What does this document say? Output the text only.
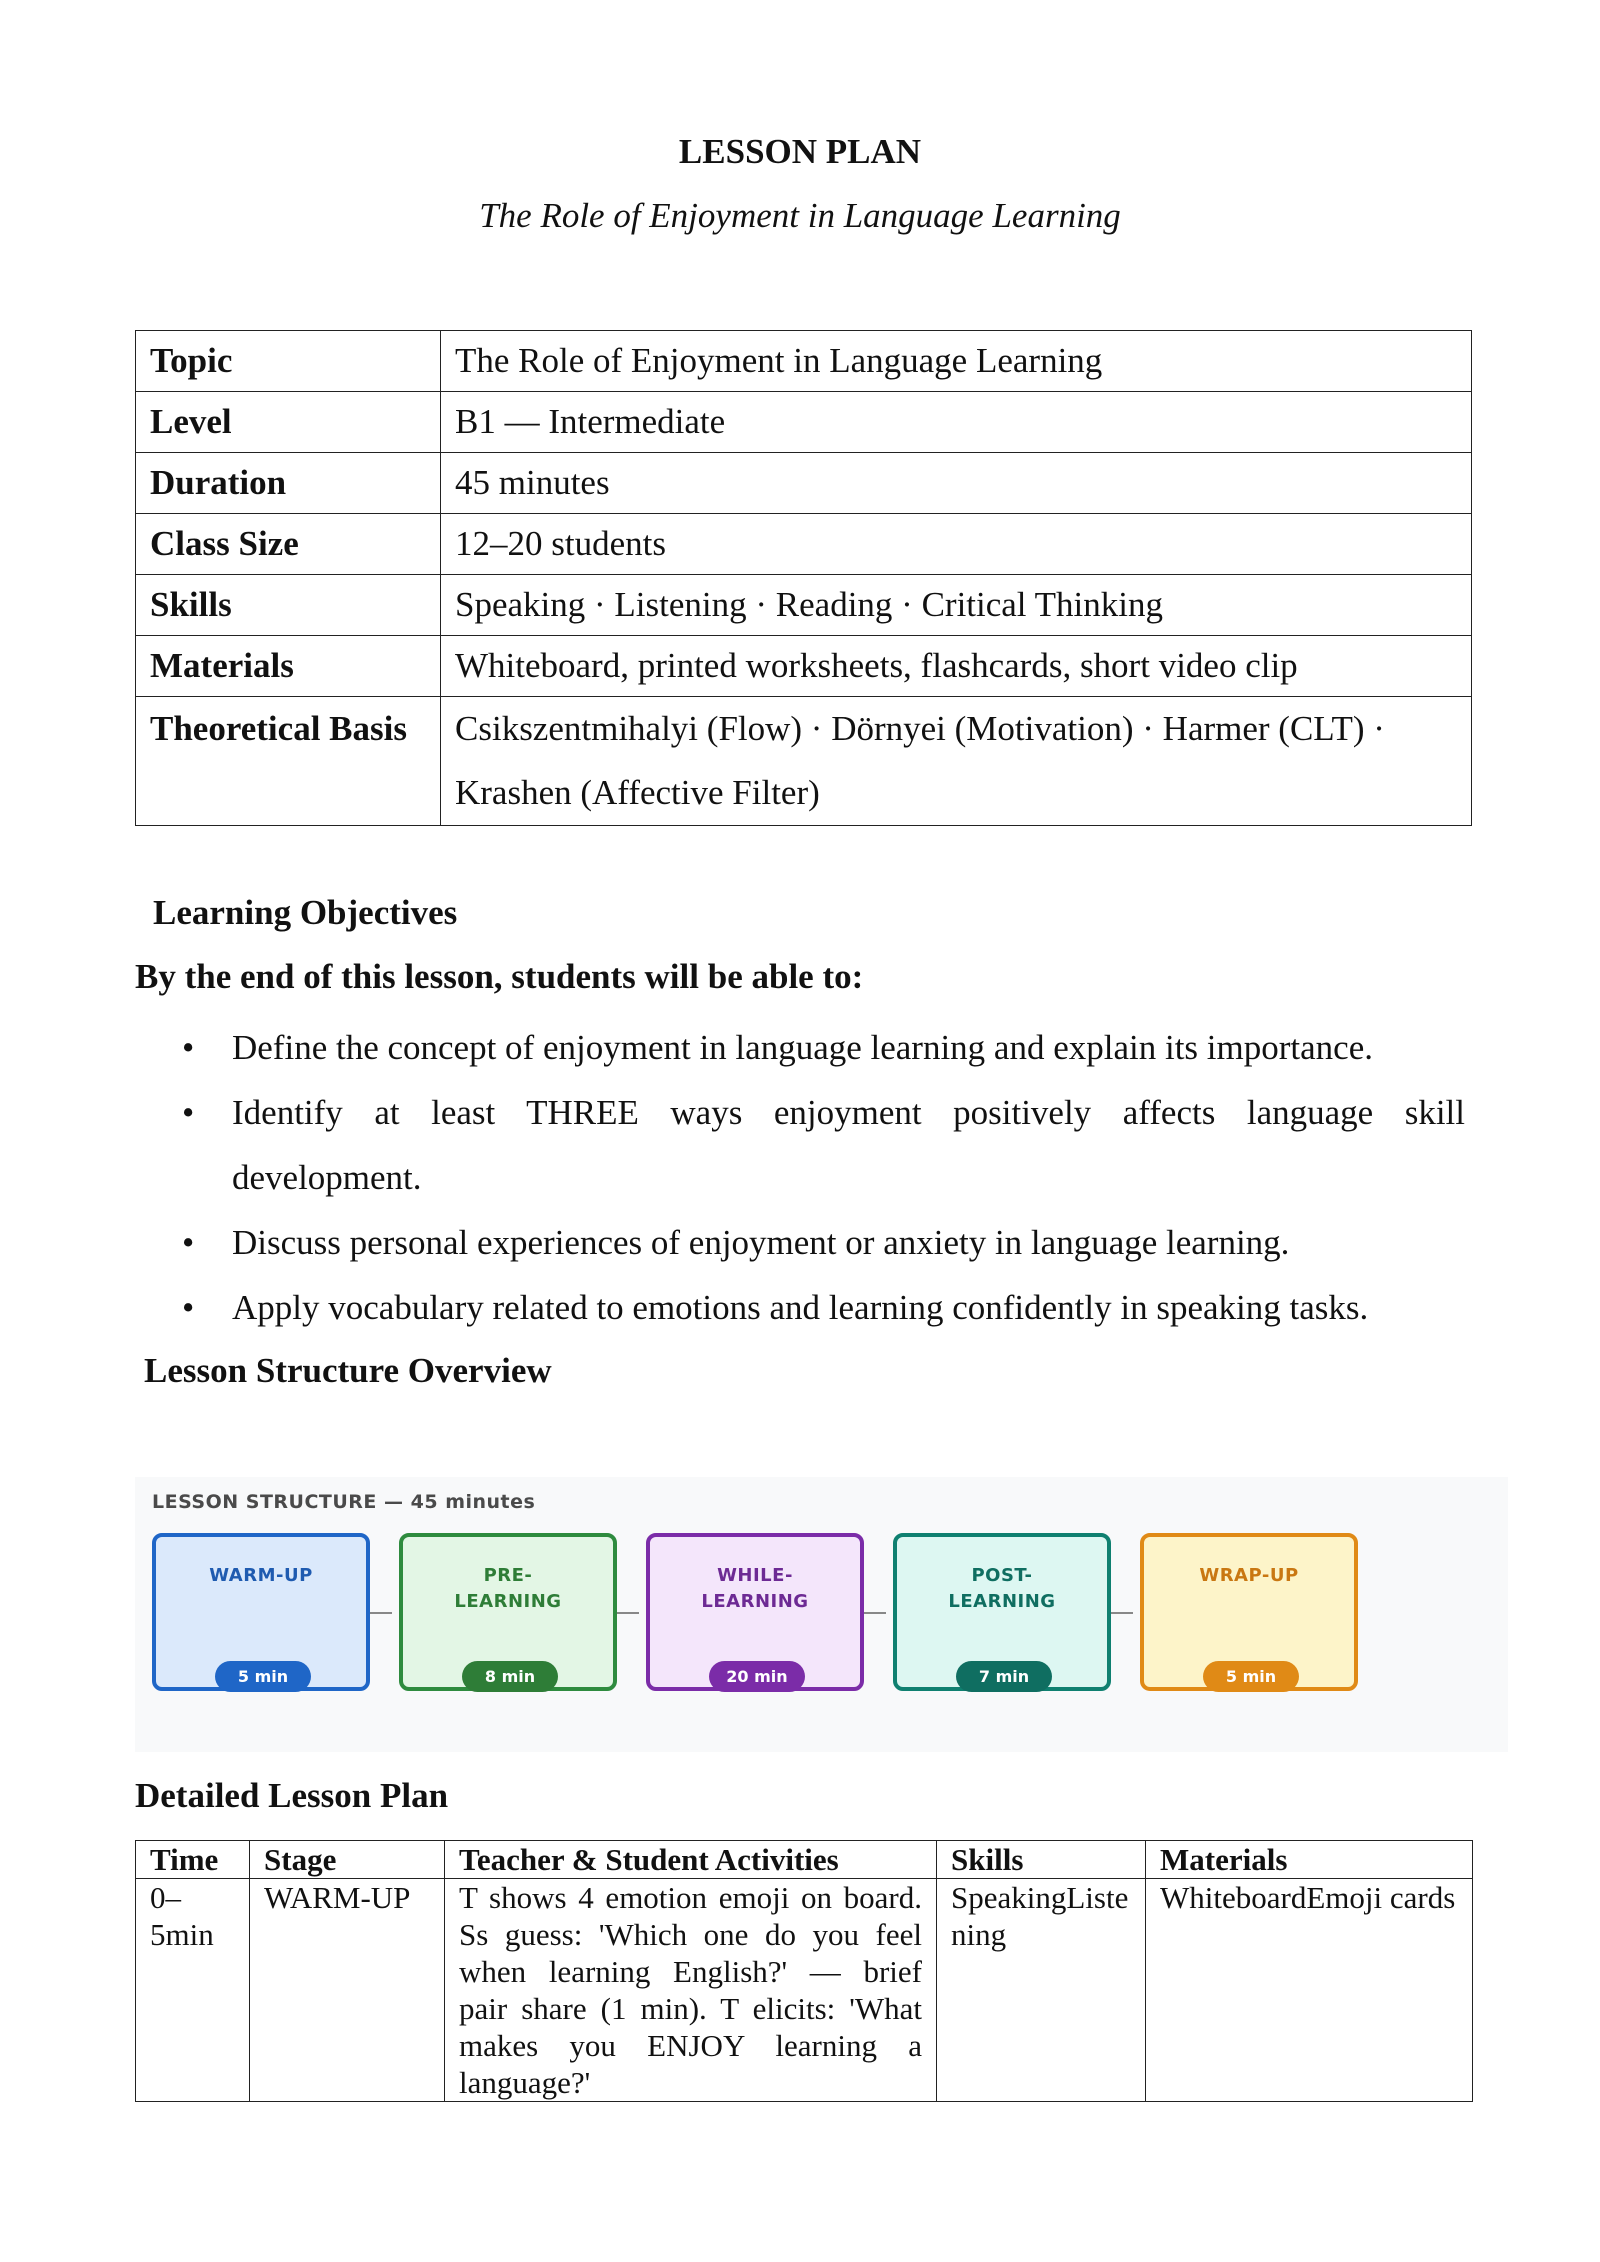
LESSON PLAN

The Role of Enjoyment in Language Learning

Topic	The Role of Enjoyment in Language Learning
Level	B1 — Intermediate
Duration	45 minutes
Class Size	12–20 students
Skills	Speaking · Listening · Reading · Critical Thinking
Materials	Whiteboard, printed worksheets, flashcards, short video clip
Theoretical Basis	Csikszentmihalyi (Flow) · Dörnyei (Motivation) · Harmer (CLT) · Krashen (Affective Filter)
Learning Objectives

By the end of this lesson, students will be able to:

• Define the concept of enjoyment in language learning and explain its importance.
• Identify at least THREE ways enjoyment positively affects language skill development.
• Discuss personal experiences of enjoyment or anxiety in language learning.
• Apply vocabulary related to emotions and learning confidently in speaking tasks.
Lesson Structure Overview
LESSON STRUCTURE — 45 minutes
WARM-UP
5 min
PRE-
LEARNING
8 min
WHILE-
LEARNING
20 min
POST-
LEARNING
7 min
WRAP-UP
5 min
Detailed Lesson Plan
Time	Stage	Teacher & Student Activities	Skills	Materials
0–5min	WARM-UP	T shows 4 emotion emoji on board. Ss guess: 'Which one do you feel when learning English?' — brief pair share (1 min). T elicits: 'What makes you ENJOY learning a language?'	SpeakingListening	WhiteboardEmoji cards
